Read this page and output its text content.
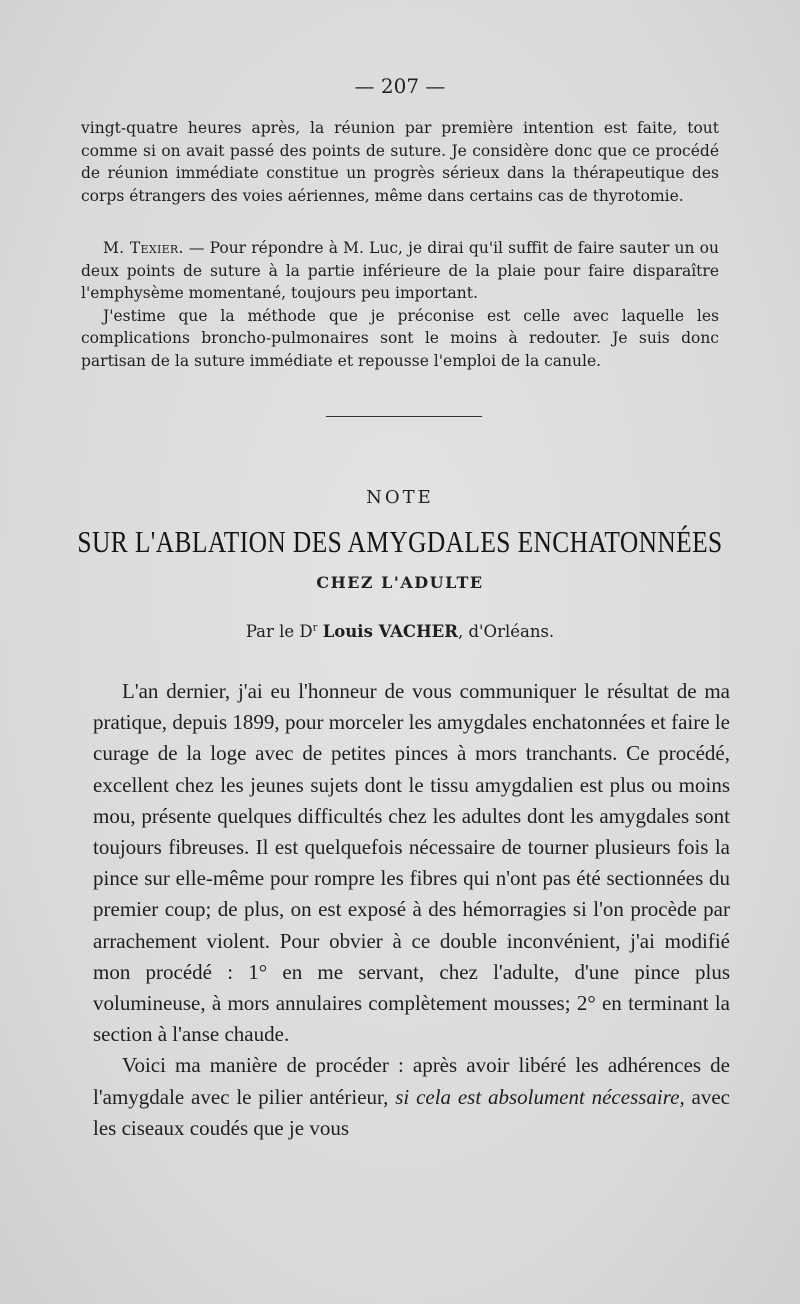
— 207 —

vingt-quatre heures après, la réunion par première intention est faite, tout comme si on avait passé des points de suture. Je considère donc que ce procédé de réunion immédiate constitue un progrès sérieux dans la thérapeutique des corps étrangers des voies aériennes, même dans certains cas de thyrotomie.

M. Texier. — Pour répondre à M. Luc, je dirai qu'il suffit de faire sauter un ou deux points de suture à la partie inférieure de la plaie pour faire disparaître l'emphysème momentané, toujours peu important.

J'estime que la méthode que je préconise est celle avec laquelle les complications broncho-pulmonaires sont le moins à redouter. Je suis donc partisan de la suture immédiate et repousse l'emploi de la canule.

NOTE
SUR L'ABLATION DES AMYGDALES ENCHATONNÉES
CHEZ L'ADULTE
Par le $D^r$ Louis VACHER, d'Orléans.

L'an dernier, j'ai eu l'honneur de vous communiquer le résultat de ma pratique, depuis 1899, pour morceler les amygdales enchatonnées et faire le curage de la loge avec de petites pinces à mors tranchants. Ce procédé, excellent chez les jeunes sujets dont le tissu amygdalien est plus ou moins mou, présente quelques difficultés chez les adultes dont les amygdales sont toujours fibreuses. Il est quelquefois nécessaire de tourner plusieurs fois la pince sur elle-même pour rompre les fibres qui n'ont pas été sectionnées du premier coup; de plus, on est exposé à des hémorragies si l'on procède par arrachement violent. Pour obvier à ce double inconvénient, j'ai modifié mon procédé : 1° en me servant, chez l'adulte, d'une pince plus volumineuse, à mors annulaires complètement mousses; 2° en terminant la section à l'anse chaude.

Voici ma manière de procéder : après avoir libéré les adhérences de l'amygdale avec le pilier antérieur, si cela est absolument nécessaire, avec les ciseaux coudés que je vous
